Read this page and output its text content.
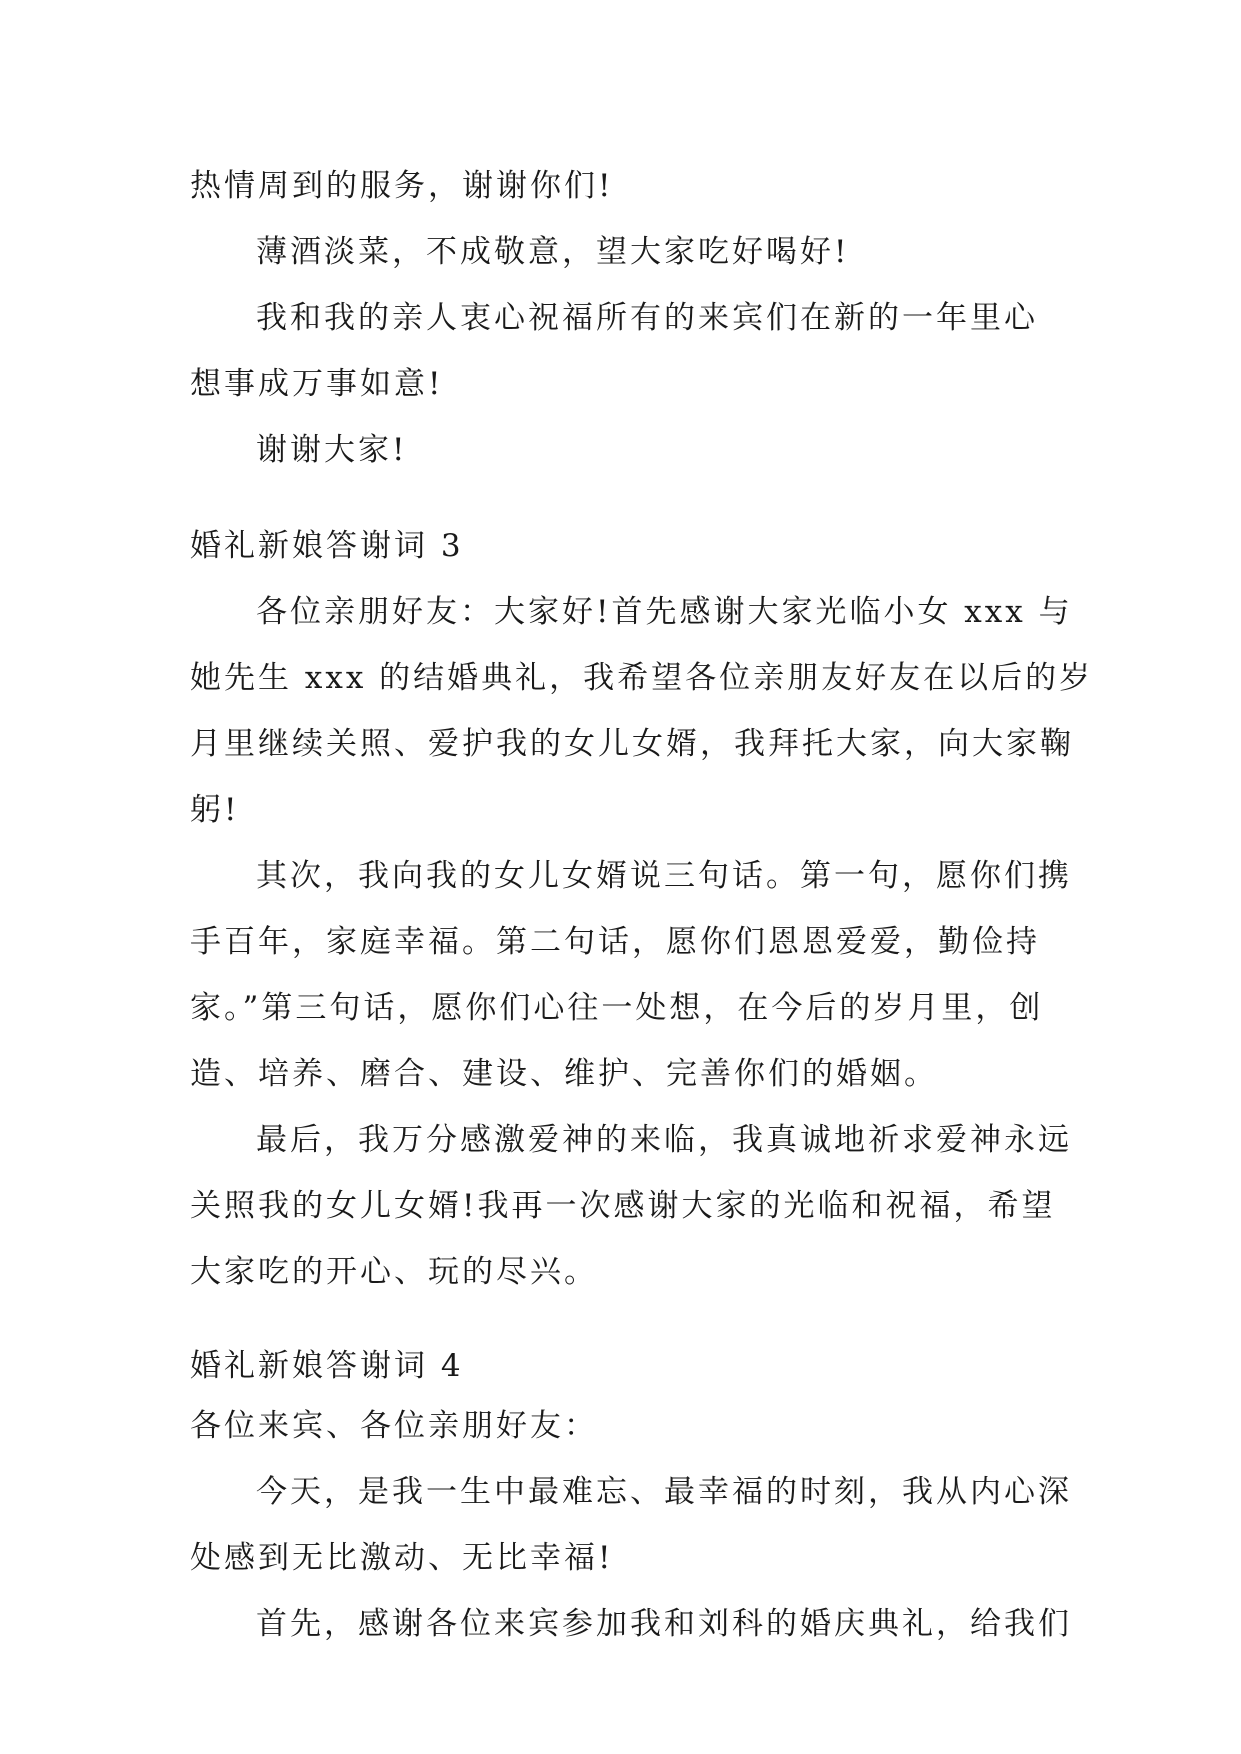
热情周到的服务，谢谢你们!
薄酒淡菜，不成敬意，望大家吃好喝好!
我和我的亲人衷心祝福所有的来宾们在新的一年里心
想事成万事如意!
谢谢大家!
婚礼新娘答谢词 3
各位亲朋好友：大家好!首先感谢大家光临小女 xxx 与
她先生 xxx 的结婚典礼，我希望各位亲朋友好友在以后的岁
月里继续关照、爱护我的女儿女婿，我拜托大家，向大家鞠
躬!
其次，我向我的女儿女婿说三句话。第一句，愿你们携
手百年，家庭幸福。第二句话，愿你们恩恩爱爱，勤俭持
家。”第三句话，愿你们心往一处想，在今后的岁月里，创
造、培养、磨合、建设、维护、完善你们的婚姻。
最后，我万分感激爱神的来临，我真诚地祈求爱神永远
关照我的女儿女婿!我再一次感谢大家的光临和祝福，希望
大家吃的开心、玩的尽兴。
婚礼新娘答谢词 4
各位来宾、各位亲朋好友：
今天，是我一生中最难忘、最幸福的时刻，我从内心深
处感到无比激动、无比幸福!
首先，感谢各位来宾参加我和刘科的婚庆典礼，给我们
